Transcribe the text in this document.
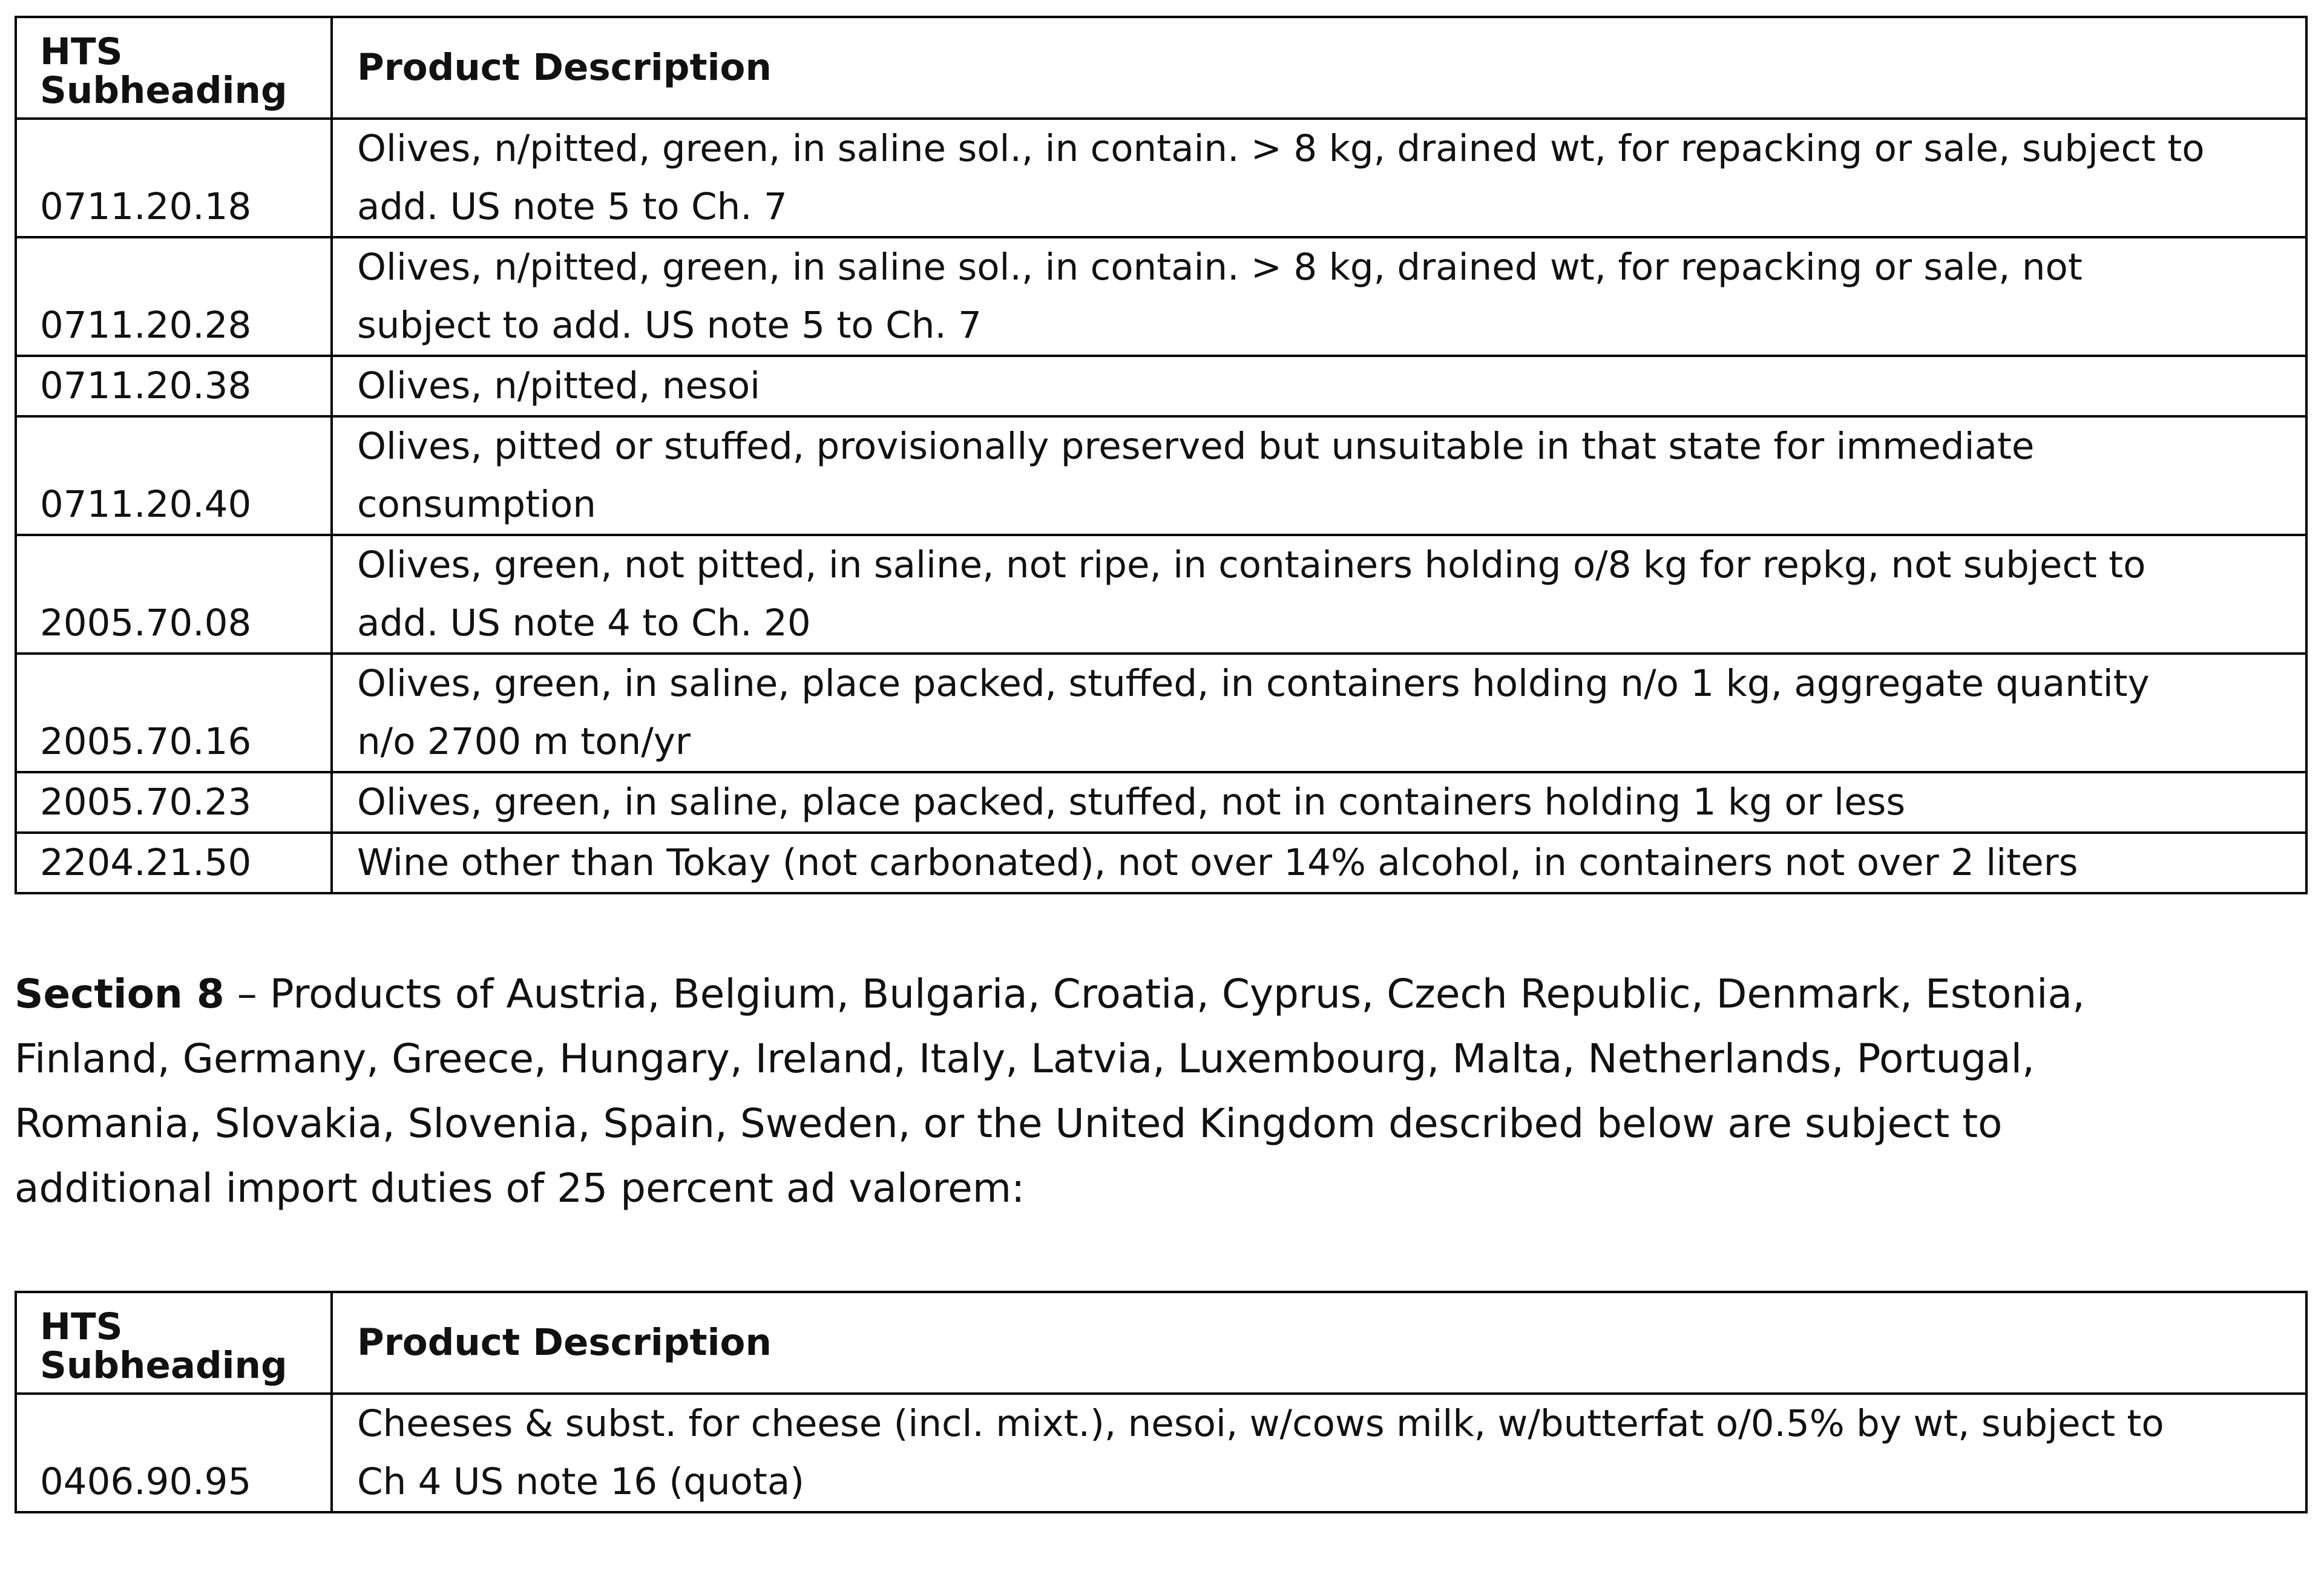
HTS
Subheading	Product Description
0711.20.18	Olives, n/pitted, green, in saline sol., in contain. > 8 kg, drained wt, for repacking or sale, subject to
add. US note 5 to Ch. 7
0711.20.28	Olives, n/pitted, green, in saline sol., in contain. > 8 kg, drained wt, for repacking or sale, not
subject to add. US note 5 to Ch. 7
0711.20.38	Olives, n/pitted, nesoi
0711.20.40	Olives, pitted or stuffed, provisionally preserved but unsuitable in that state for immediate
consumption
2005.70.08	Olives, green, not pitted, in saline, not ripe, in containers holding o/8 kg for repkg, not subject to
add. US note 4 to Ch. 20
2005.70.16	Olives, green, in saline, place packed, stuffed, in containers holding n/o 1 kg, aggregate quantity
n/o 2700 m ton/yr
2005.70.23	Olives, green, in saline, place packed, stuffed, not in containers holding 1 kg or less
2204.21.50	Wine other than Tokay (not carbonated), not over 14% alcohol, in containers not over 2 liters
Section 8 – Products of Austria, Belgium, Bulgaria, Croatia, Cyprus, Czech Republic, Denmark, Estonia,
Finland, Germany, Greece, Hungary, Ireland, Italy, Latvia, Luxembourg, Malta, Netherlands, Portugal,
Romania, Slovakia, Slovenia, Spain, Sweden, or the United Kingdom described below are subject to
additional import duties of 25 percent ad valorem:
HTS
Subheading	Product Description
0406.90.95	Cheeses & subst. for cheese (incl. mixt.), nesoi, w/cows milk, w/butterfat o/0.5% by wt, subject to
Ch 4 US note 16 (quota)
